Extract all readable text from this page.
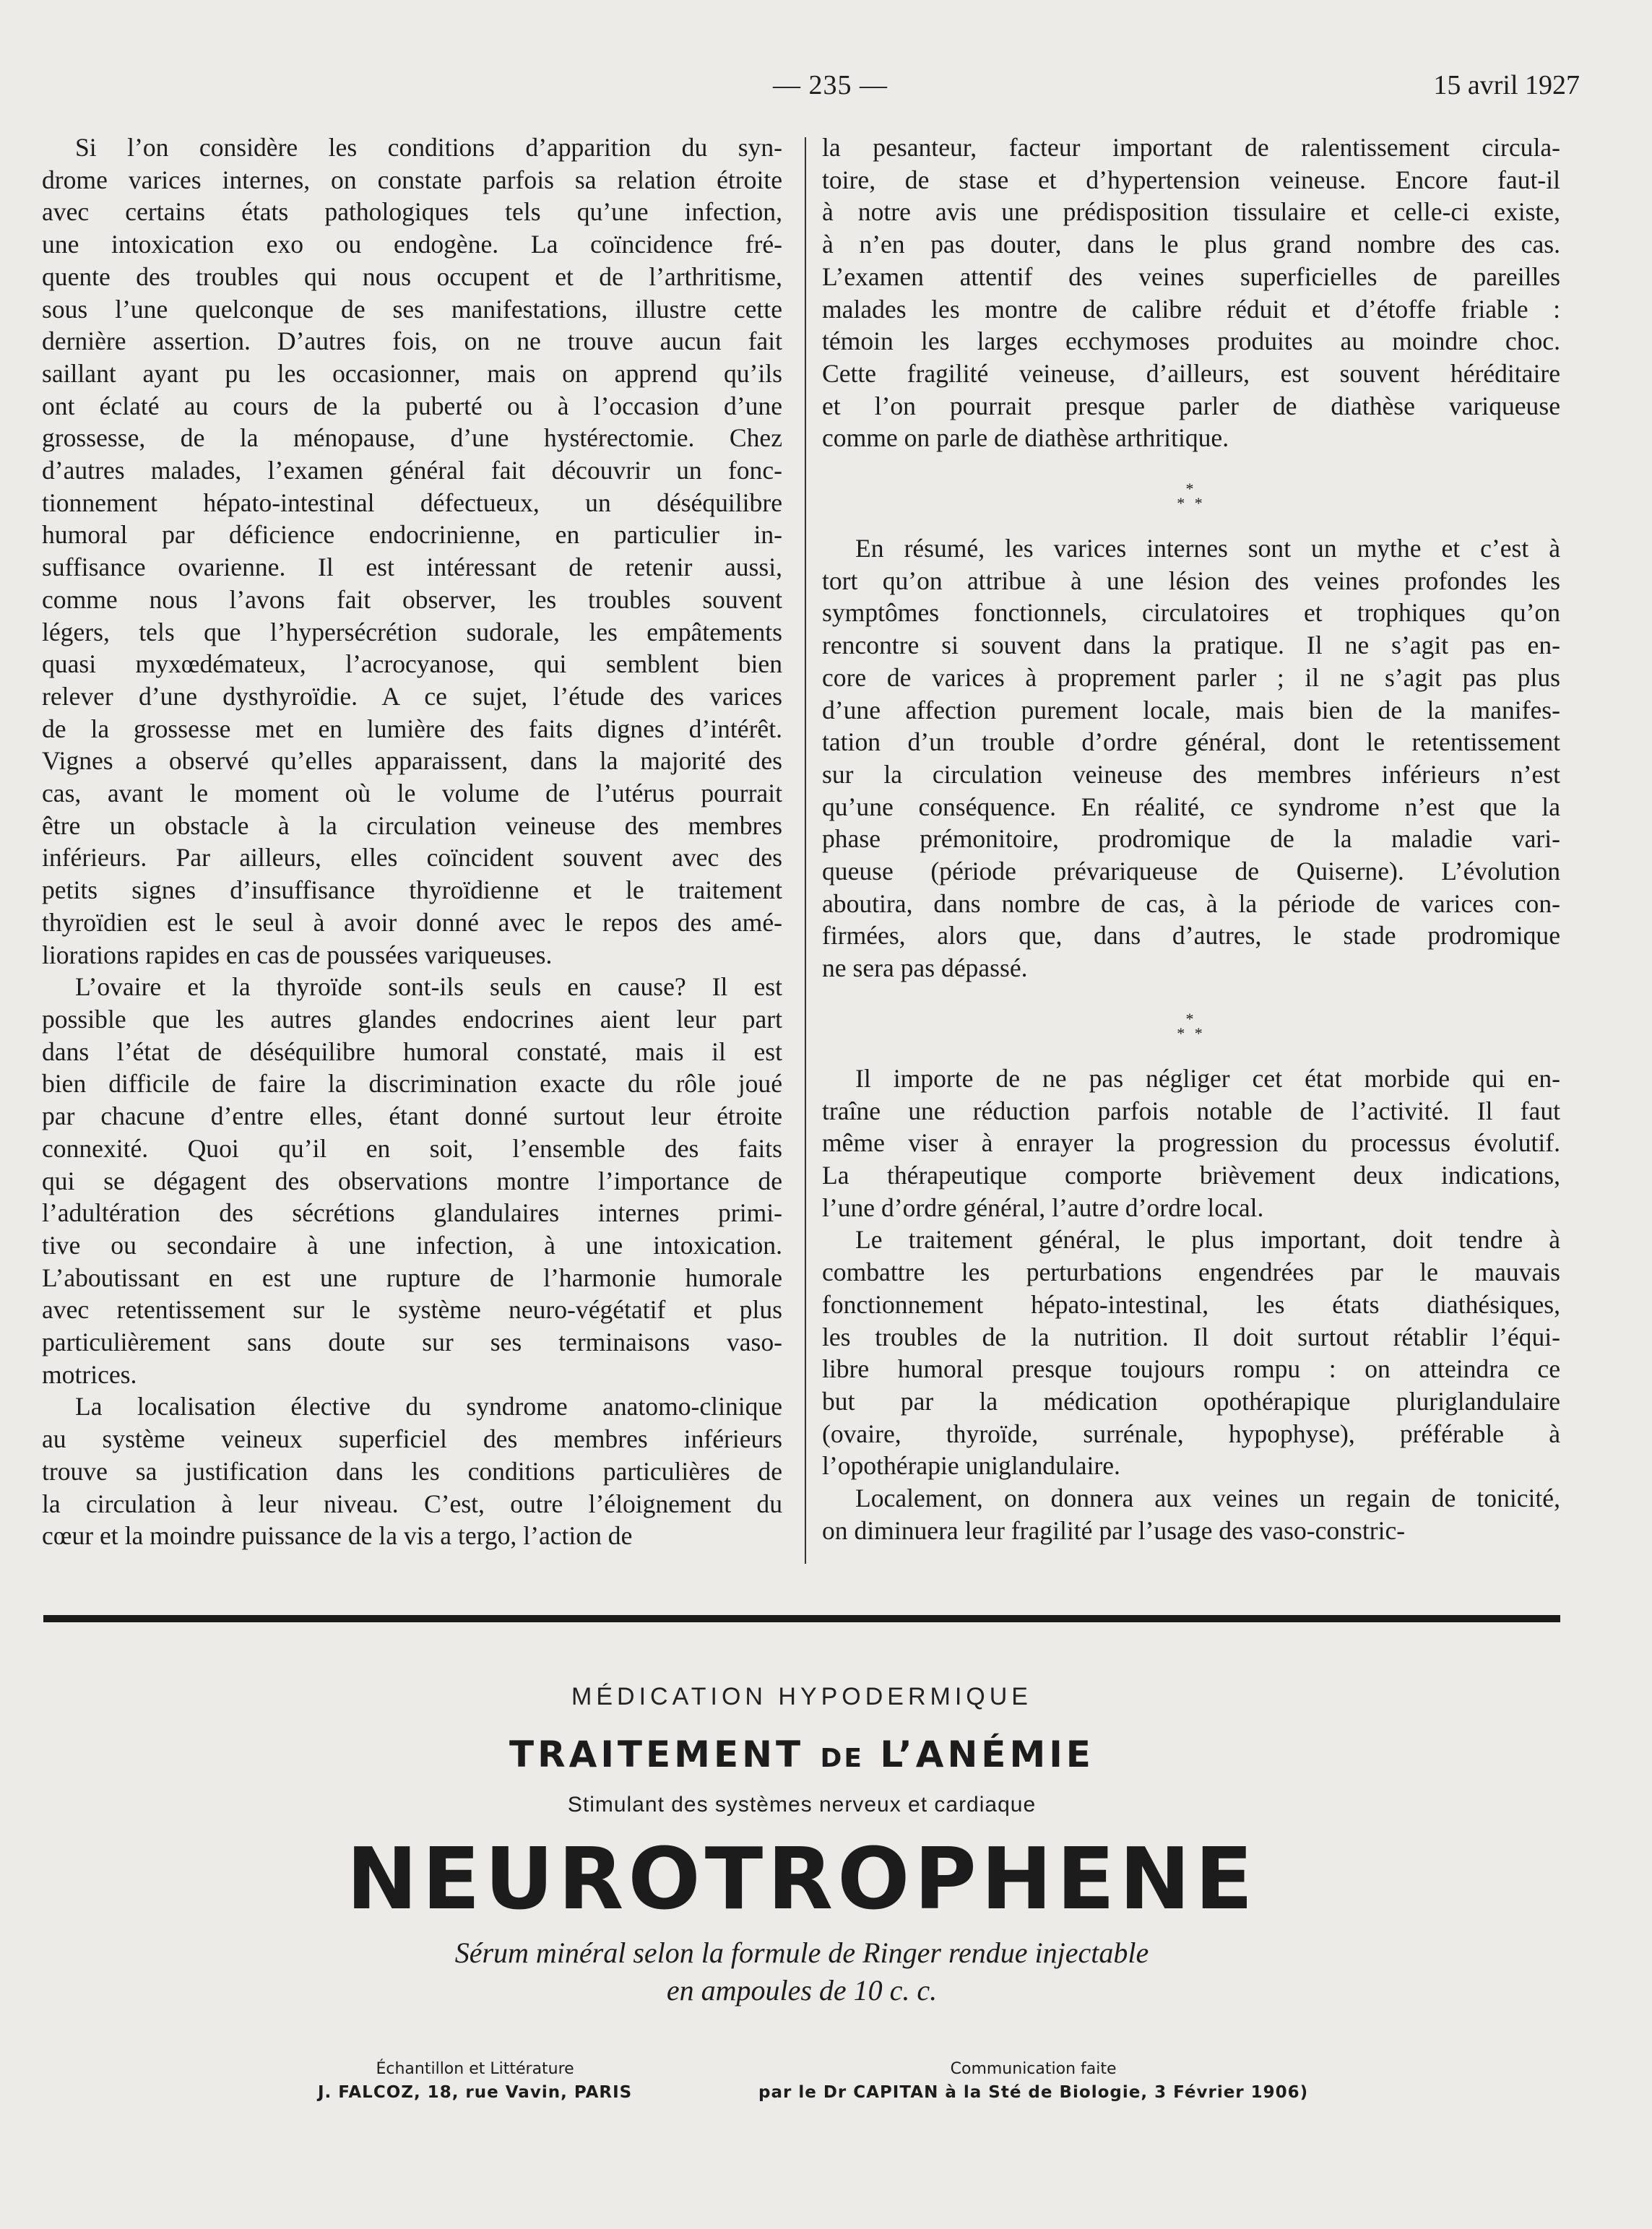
— 235 —	15 avril 1927

Si l’on considère les conditions d’apparition du syn-
drome varices internes, on constate parfois sa relation étroite
avec certains états pathologiques tels qu’une infection,
une intoxication exo ou endogène. La coïncidence fré-
quente des troubles qui nous occupent et de l’arthritisme,
sous l’une quelconque de ses manifestations, illustre cette
dernière assertion. D’autres fois, on ne trouve aucun fait
saillant ayant pu les occasionner, mais on apprend qu’ils
ont éclaté au cours de la puberté ou à l’occasion d’une
grossesse, de la ménopause, d’une hystérectomie. Chez
d’autres malades, l’examen général fait découvrir un fonc-
tionnement hépato-intestinal défectueux, un déséquilibre
humoral par déficience endocrinienne, en particulier in-
suffisance ovarienne. Il est intéressant de retenir aussi,
comme nous l’avons fait observer, les troubles souvent
légers, tels que l’hypersécrétion sudorale, les empâtements
quasi myxœdémateux, l’acrocyanose, qui semblent bien
relever d’une dysthyroïdie. A ce sujet, l’étude des varices
de la grossesse met en lumière des faits dignes d’intérêt.
Vignes a observé qu’elles apparaissent, dans la majorité des
cas, avant le moment où le volume de l’utérus pourrait
être un obstacle à la circulation veineuse des membres
inférieurs. Par ailleurs, elles coïncident souvent avec des
petits signes d’insuffisance thyroïdienne et le traitement
thyroïdien est le seul à avoir donné avec le repos des amé-
liorations rapides en cas de poussées variqueuses.

L’ovaire et la thyroïde sont-ils seuls en cause? Il est
possible que les autres glandes endocrines aient leur part
dans l’état de déséquilibre humoral constaté, mais il est
bien difficile de faire la discrimination exacte du rôle joué
par chacune d’entre elles, étant donné surtout leur étroite
connexité. Quoi qu’il en soit, l’ensemble des faits
qui se dégagent des observations montre l’importance de
l’adultération des sécrétions glandulaires internes primi-
tive ou secondaire à une infection, à une intoxication.
L’aboutissant en est une rupture de l’harmonie humorale
avec retentissement sur le système neuro-végétatif et plus
particulièrement sans doute sur ses terminaisons vaso-
motrices.

La localisation élective du syndrome anatomo-clinique
au système veineux superficiel des membres inférieurs
trouve sa justification dans les conditions particulières de
la circulation à leur niveau. C’est, outre l’éloignement du
cœur et la moindre puissance de la vis a tergo, l’action de

la pesanteur, facteur important de ralentissement circula-
toire, de stase et d’hypertension veineuse. Encore faut-il
à notre avis une prédisposition tissulaire et celle-ci existe,
à n’en pas douter, dans le plus grand nombre des cas.
L’examen attentif des veines superficielles de pareilles
malades les montre de calibre réduit et d’étoffe friable :
témoin les larges ecchymoses produites au moindre choc.
Cette fragilité veineuse, d’ailleurs, est souvent héréditaire
et l’on pourrait presque parler de diathèse variqueuse
comme on parle de diathèse arthritique.

*
* *

En résumé, les varices internes sont un mythe et c’est à
tort qu’on attribue à une lésion des veines profondes les
symptômes fonctionnels, circulatoires et trophiques qu’on
rencontre si souvent dans la pratique. Il ne s’agit pas en-
core de varices à proprement parler ; il ne s’agit pas plus
d’une affection purement locale, mais bien de la manifes-
tation d’un trouble d’ordre général, dont le retentissement
sur la circulation veineuse des membres inférieurs n’est
qu’une conséquence. En réalité, ce syndrome n’est que la
phase prémonitoire, prodromique de la maladie vari-
queuse (période prévariqueuse de Quiserne). L’évolution
aboutira, dans nombre de cas, à la période de varices con-
firmées, alors que, dans d’autres, le stade prodromique
ne sera pas dépassé.

*
* *

Il importe de ne pas négliger cet état morbide qui en-
traîne une réduction parfois notable de l’activité. Il faut
même viser à enrayer la progression du processus évolutif.
La thérapeutique comporte brièvement deux indications,
l’une d’ordre général, l’autre d’ordre local.

Le traitement général, le plus important, doit tendre à
combattre les perturbations engendrées par le mauvais
fonctionnement hépato-intestinal, les états diathésiques,
les troubles de la nutrition. Il doit surtout rétablir l’équi-
libre humoral presque toujours rompu : on atteindra ce
but par la médication opothérapique pluriglandulaire
(ovaire, thyroïde, surrénale, hypophyse), préférable à
l’opothérapie uniglandulaire.

Localement, on donnera aux veines un regain de tonicité,
on diminuera leur fragilité par l’usage des vaso-constric-

MÉDICATION HYPODERMIQUE
TRAITEMENT DE L’ANÉMIE
Stimulant des systèmes nerveux et cardiaque
NEUROTROPHENE
Sérum minéral selon la formule de Ringer rendue injectable
en ampoules de 10 c. c.
Échantillon et Littérature
J. FALCOZ, 18, rue Vavin, PARIS
Communication faite
par le Dr CAPITAN à la Sté de Biologie, 3 Février 1906)
